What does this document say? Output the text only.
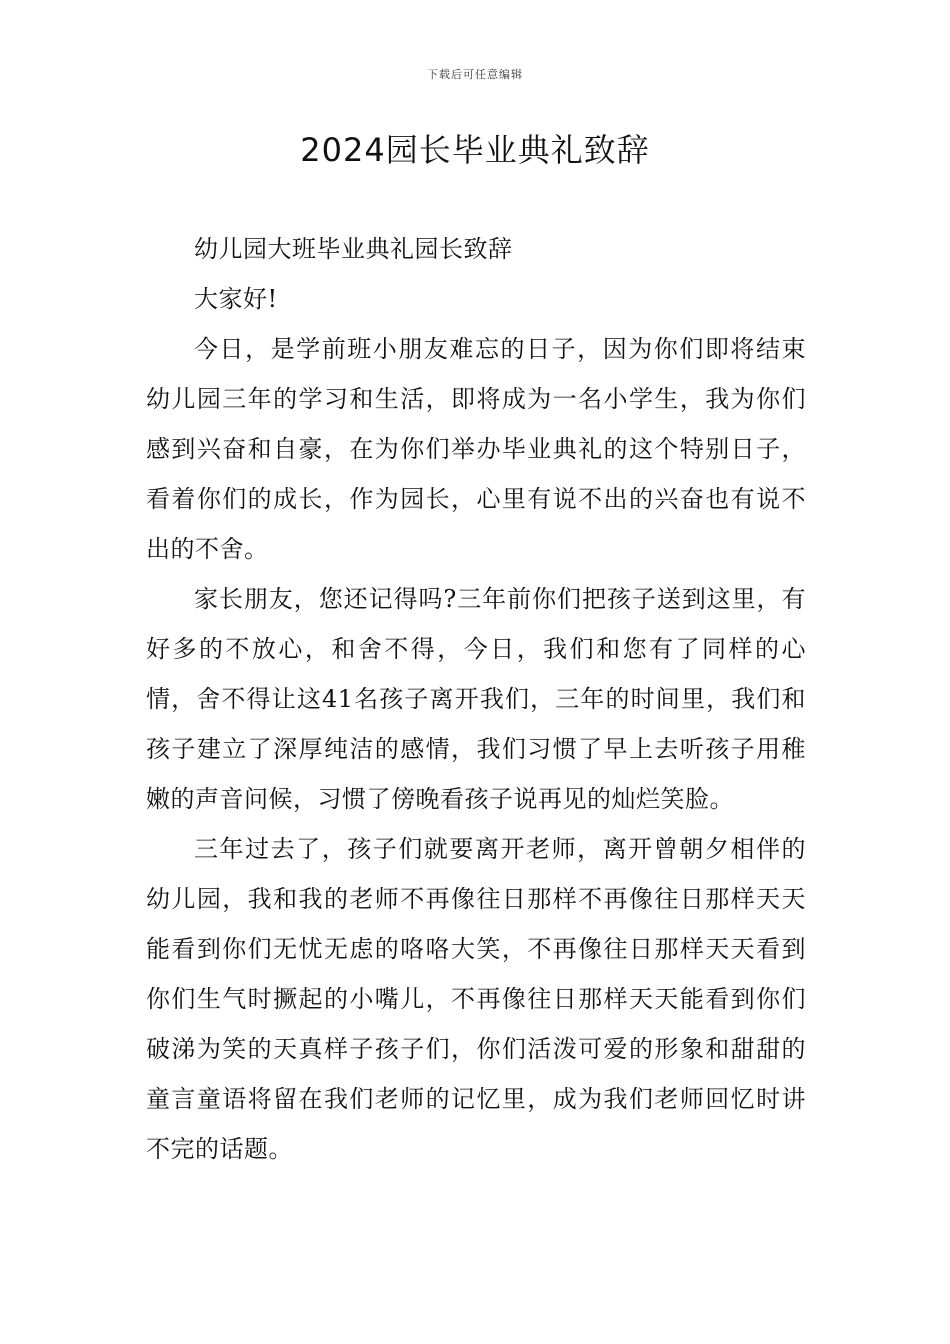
下载后可任意编辑
2024园长毕业典礼致辞

幼儿园大班毕业典礼园长致辞

大家好!

今日，是学前班小朋友难忘的日子，因为你们即将结束幼儿园三年的学习和生活，即将成为一名小学生，我为你们感到兴奋和自豪，在为你们举办毕业典礼的这个特别日子，看着你们的成长，作为园长，心里有说不出的兴奋也有说不出的不舍。

家长朋友，您还记得吗?三年前你们把孩子送到这里，有好多的不放心，和舍不得，今日，我们和您有了同样的心情，舍不得让这41名孩子离开我们，三年的时间里，我们和孩子建立了深厚纯洁的感情，我们习惯了早上去听孩子用稚嫩的声音问候，习惯了傍晚看孩子说再见的灿烂笑脸。

三年过去了，孩子们就要离开老师，离开曾朝夕相伴的幼儿园，我和我的老师不再像往日那样不再像往日那样天天能看到你们无忧无虑的咯咯大笑，不再像往日那样天天看到你们生气时撅起的小嘴儿，不再像往日那样天天能看到你们破涕为笑的天真样子孩子们，你们活泼可爱的形象和甜甜的童言童语将留在我们老师的记忆里，成为我们老师回忆时讲不完的话题。
